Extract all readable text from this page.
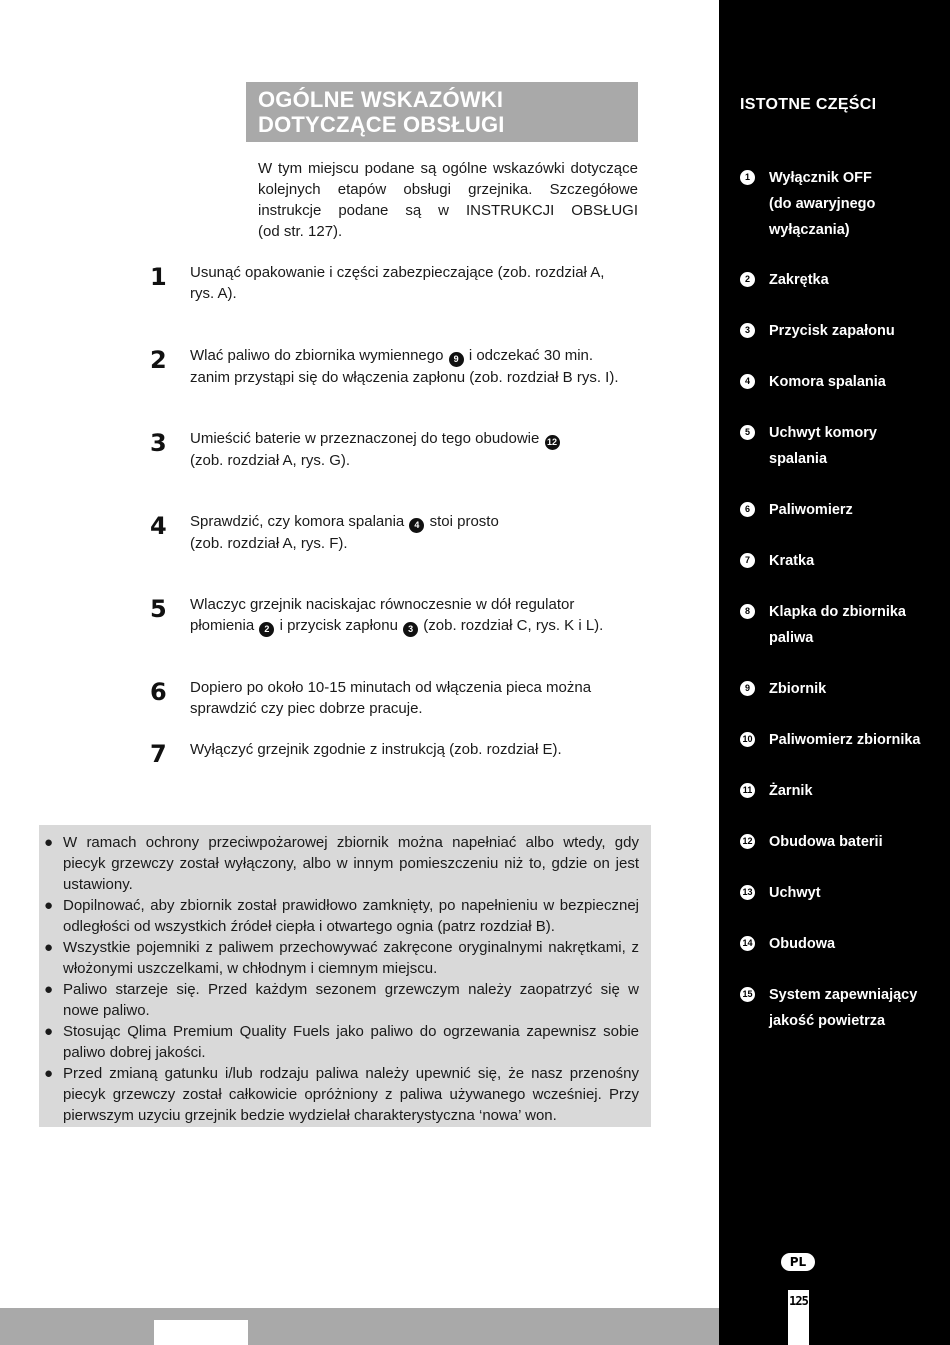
OGÓLNE WSKAZÓWKI
DOTYCZĄCE OBSŁUGI
W tym miejscu podane są ogólne wskazówki dotyczące
kolejnych etapów obsługi grzejnika. Szczegółowe
instrukcje podane są w INSTRUKCJI OBSŁUGI
(od str. 127).
1	Usunąć opakowanie i części zabezpieczające (zob. rozdział A,
rys. A).
2	Wlać paliwo do zbiornika wymiennego 9 i odczekać 30 min.
zanim przystąpi się do włączenia zapłonu (zob. rozdział B rys. I).
3	Umieścić baterie w przeznaczonej do tego obudowie 12
(zob. rozdział A, rys. G).
4	Sprawdzić, czy komora spalania 4 stoi prosto
(zob. rozdział A, rys. F).
5	Wlaczyc grzejnik naciskajac równoczesnie w dół regulator
płomienia 2 i przycisk zapłonu 3 (zob. rozdział C, rys. K i L).
6	Dopiero po około 10-15 minutach od włączenia pieca można
sprawdzić czy piec dobrze pracuje.
7	Wyłączyć grzejnik zgodnie z instrukcją (zob. rozdział E).
● W ramach ochrony przeciwpożarowej zbiornik można napełniać albo wtedy, gdy
piecyk grzewczy został wyłączony, albo w innym pomieszczeniu niż to, gdzie on jest
ustawiony.
● Dopilnować, aby zbiornik został prawidłowo zamknięty, po napełnieniu w bezpiecznej
odległości od wszystkich źródeł ciepła i otwartego ognia (patrz rozdział B).
● Wszystkie pojemniki z paliwem przechowywać zakręcone oryginalnymi nakrętkami, z
włożonymi uszczelkami, w chłodnym i ciemnym miejscu.
● Paliwo starzeje się. Przed każdym sezonem grzewczym należy zaopatrzyć się w
nowe paliwo.
● Stosując Qlima Premium Quality Fuels jako paliwo do ogrzewania zapewnisz sobie
paliwo dobrej jakości.
● Przed zmianą gatunku i/lub rodzaju paliwa należy upewnić się, że nasz przenośny
piecyk grzewczy został całkowicie opróżniony z paliwa używanego wcześniej. Przy
pierwszym uzyciu grzejnik bedzie wydzielał charakterystyczna ‘nowa’ won.
ISTOTNE CZĘŚCI
1	Wyłącznik OFF
(do awaryjnego
wyłączania)
2	Zakrętka
3	Przycisk zapałonu
4	Komora spalania
5	Uchwyt komory
spalania
6	Paliwomierz
7	Kratka
8	Klapka do zbiornika
paliwa
9	Zbiornik
10 Paliwomierz zbiornika
11 Żarnik
12 Obudowa baterii
13 Uchwyt
14 Obudowa
15 System zapewniający
jakość powietrza
PL
125
